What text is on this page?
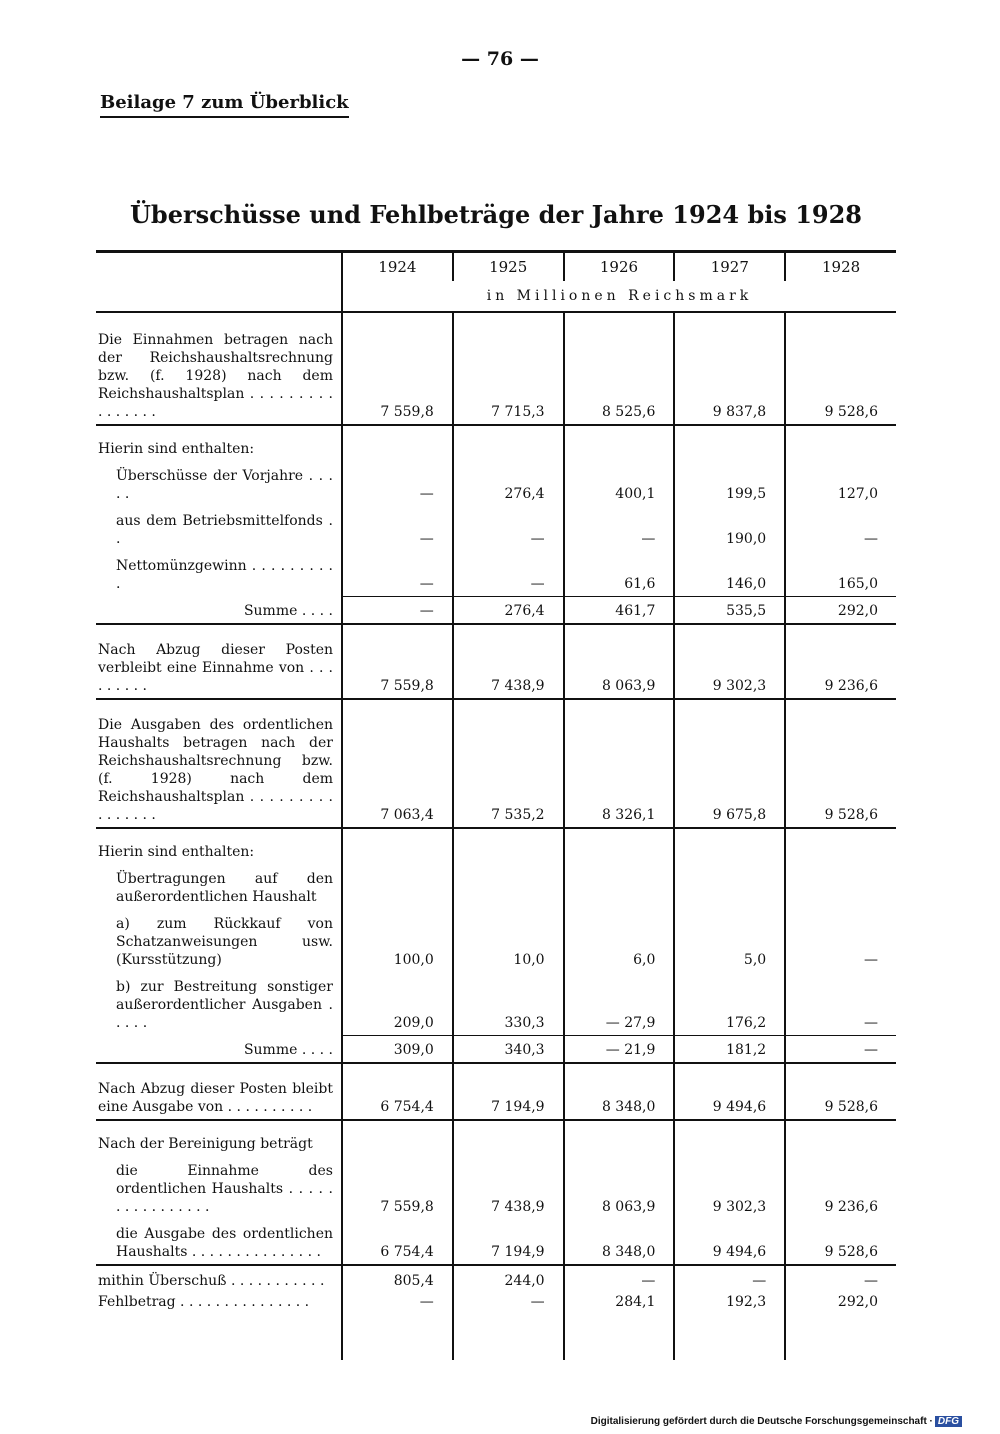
— 76 —
Beilage 7 zum Überblick
Überschüsse und Fehlbeträge der Jahre 1924 bis 1928
	1924	1925	1926	1927	1928
	in Millionen Reichsmark				
Die Einnahmen betragen nach der Reichshaushaltsrechnung bzw. (f. 1928) nach dem Reichshaushaltsplan . . . . . . . . . . . . . . . .	7 559,8	7 715,3	8 525,6	9 837,8	9 528,6
Hierin sind enthalten:					

Überschüsse der Vorjahre . . . . .	—	276,4	400,1	199,5	127,0

aus dem Betriebsmittelfonds . .	—	—	—	190,0	—

Nettomünzgewinn . . . . . . . . . .	—	—	61,6	146,0	165,0
Summe . . . .	—	276,4	461,7	535,5	292,0
Nach Abzug dieser Posten verbleibt eine Einnahme von . . . . . . . . .	7 559,8	7 438,9	8 063,9	9 302,3	9 236,6
Die Ausgaben des ordentlichen Haushalts betragen nach der Reichshaushaltsrechnung bzw. (f. 1928) nach dem Reichshaushaltsplan . . . . . . . . . . . . . . . .	7 063,4	7 535,2	8 326,1	9 675,8	9 528,6
Hierin sind enthalten:					

Übertragungen auf den außerordentlichen Haushalt					

a) zum Rückkauf von Schatzanweisungen usw. (Kursstützung)	100,0	10,0	6,0	5,0	—

b) zur Bestreitung sonstiger außerordentlicher Ausgaben . . . . .	209,0	330,3	— 27,9	176,2	—
Summe . . . .	309,0	340,3	— 21,9	181,2	—
Nach Abzug dieser Posten bleibt eine Ausgabe von . . . . . . . . . .	6 754,4	7 194,9	8 348,0	9 494,6	9 528,6
Nach der Bereinigung beträgt					

die Einnahme des ordentlichen Haushalts . . . . . . . . . . . . . . . .	7 559,8	7 438,9	8 063,9	9 302,3	9 236,6

die Ausgabe des ordentlichen Haushalts . . . . . . . . . . . . . . .	6 754,4	7 194,9	8 348,0	9 494,6	9 528,6
mithin Überschuß . . . . . . . . . . .	805,4	244,0	—	—	—
Fehlbetrag . . . . . . . . . . . . . . .	—	—	284,1	192,3	292,0

Digitalisierung gefördert durch die Deutsche Forschungsgemeinschaft · DFG
